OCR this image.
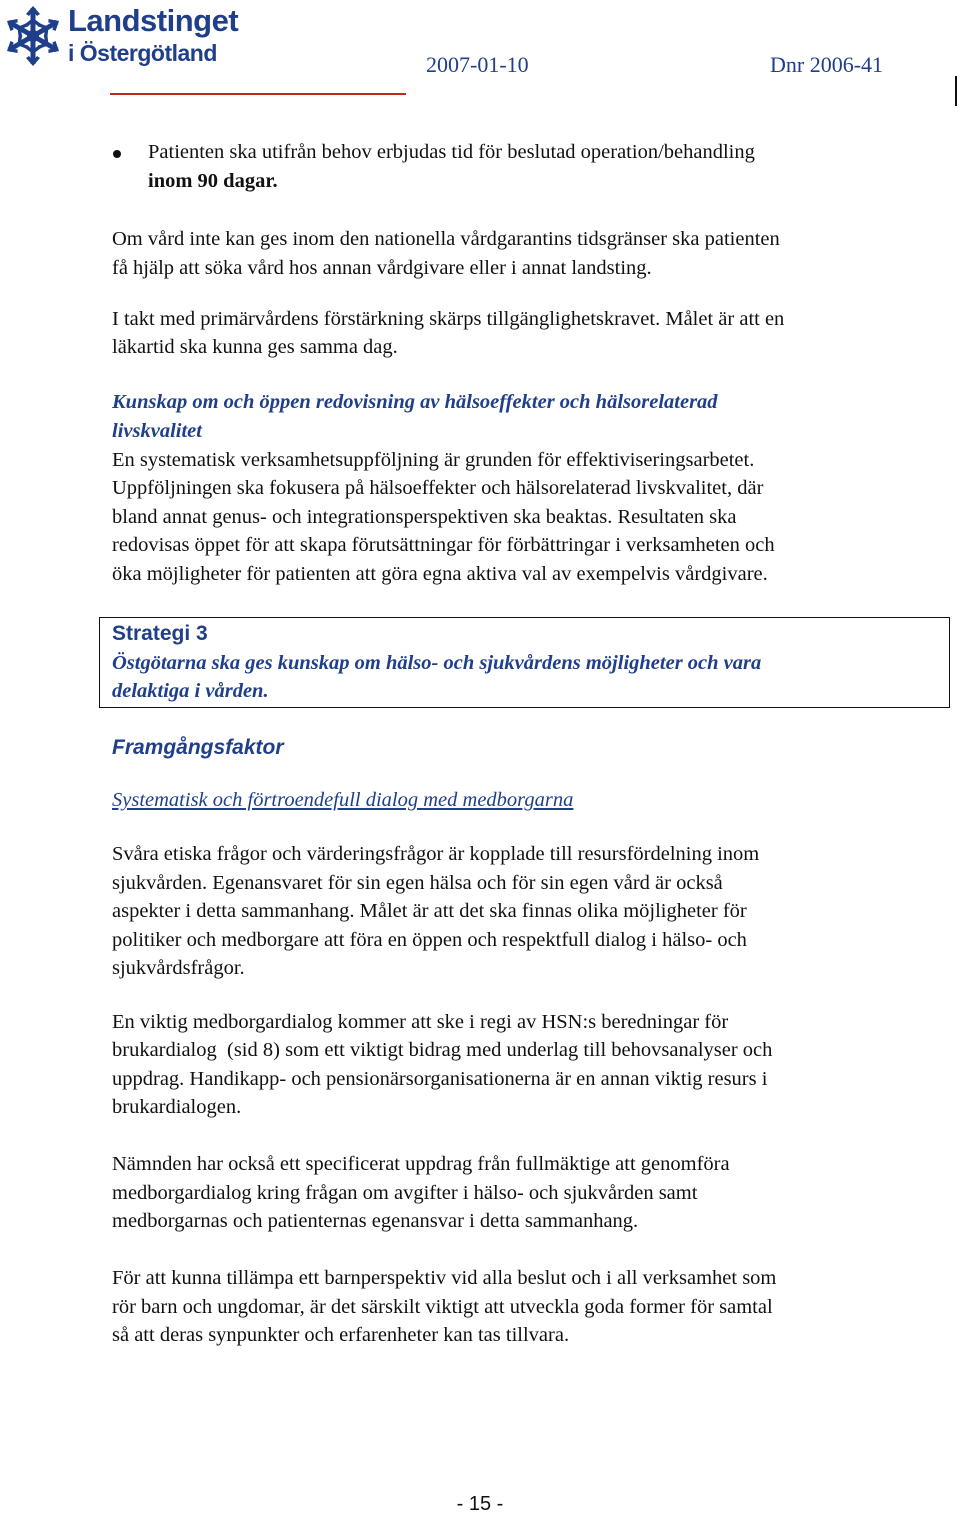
Landstinget
i Östergötland	2007-01-10	Dnr 2006-41
Patienten ska utifrån behov erbjudas tid för beslutad operation/behandling
inom 90 dagar.
Om vård inte kan ges inom den nationella vårdgarantins tidsgränser ska patienten
få hjälp att söka vård hos annan vårdgivare eller i annat landsting.
I takt med primärvårdens förstärkning skärps tillgänglighetskravet. Målet är att en
läkartid ska kunna ges samma dag.
Kunskap om och öppen redovisning av hälsoeffekter och hälsorelaterad
livskvalitet
En systematisk verksamhetsuppföljning är grunden för effektiviseringsarbetet.
Uppföljningen ska fokusera på hälsoeffekter och hälsorelaterad livskvalitet, där
bland annat genus- och integrationsperspektiven ska beaktas. Resultaten ska
redovisas öppet för att skapa förutsättningar för förbättringar i verksamheten och
öka möjligheter för patienten att göra egna aktiva val av exempelvis vårdgivare.
Strategi 3
Östgötarna ska ges kunskap om hälso- och sjukvårdens möjligheter och vara
delaktiga i vården.
Framgångsfaktor
Systematisk och förtroendefull dialog med medborgarna
Svåra etiska frågor och värderingsfrågor är kopplade till resursfördelning inom
sjukvården. Egenansvaret för sin egen hälsa och för sin egen vård är också
aspekter i detta sammanhang. Målet är att det ska finnas olika möjligheter för
politiker och medborgare att föra en öppen och respektfull dialog i hälso- och
sjukvårdsfrågor.
En viktig medborgardialog kommer att ske i regi av HSN:s beredningar för
brukardialog  (sid 8) som ett viktigt bidrag med underlag till behovsanalyser och
uppdrag. Handikapp- och pensionärsorganisationerna är en annan viktig resurs i
brukardialogen.
Nämnden har också ett specificerat uppdrag från fullmäktige att genomföra
medborgardialog kring frågan om avgifter i hälso- och sjukvården samt
medborgarnas och patienternas egenansvar i detta sammanhang.
För att kunna tillämpa ett barnperspektiv vid alla beslut och i all verksamhet som
rör barn och ungdomar, är det särskilt viktigt att utveckla goda former för samtal
så att deras synpunkter och erfarenheter kan tas tillvara.
- 15 -
